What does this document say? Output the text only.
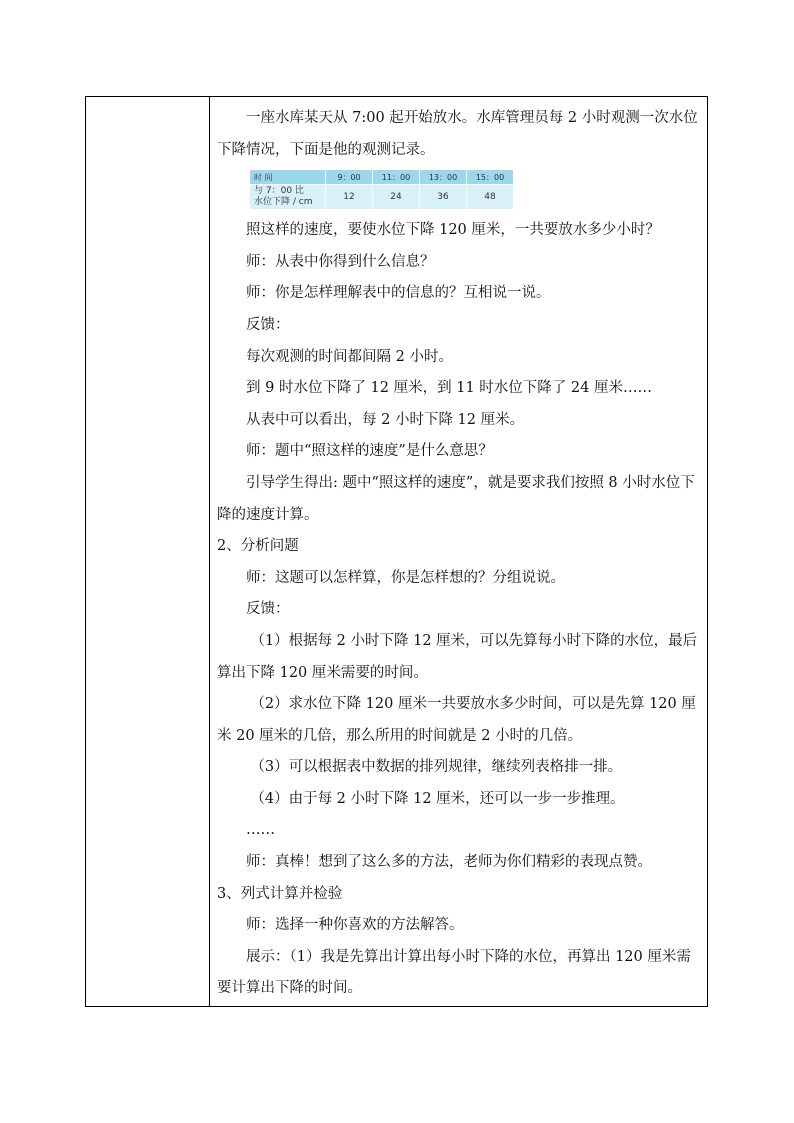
一座水库某天从 7:00 起开始放水。水库管理员每 2 小时观测一次水位下降情况，下面是他的观测记录。

时 间	9：00	11：00	13：00	15：00

与 7：00 比
水位下降 / cm	12	24	36	48

照这样的速度，要使水位下降 120 厘米，一共要放水多少小时？

师：从表中你得到什么信息？

师：你是怎样理解表中的信息的？互相说一说。

反馈：

每次观测的时间都间隔 2 小时。

到 9 时水位下降了 12 厘米，到 11 时水位下降了 24 厘米……

从表中可以看出，每 2 小时下降 12 厘米。

师：题中“照这样的速度”是什么意思？

引导学生得出: 题中“照这样的速度”，就是要求我们按照 8 小时水位下降的速度计算。

2、分析问题

师：这题可以怎样算，你是怎样想的？分组说说。

反馈：

（1）根据每 2 小时下降 12 厘米，可以先算每小时下降的水位，最后算出下降 120 厘米需要的时间。

（2）求水位下降 120 厘米一共要放水多少时间，可以是先算 120 厘米 20 厘米的几倍，那么所用的时间就是 2 小时的几倍。

（3）可以根据表中数据的排列规律，继续列表格排一排。

（4）由于每 2 小时下降 12 厘米，还可以一步一步推理。

……

师：真棒！想到了这么多的方法，老师为你们精彩的表现点赞。

3、列式计算并检验

师：选择一种你喜欢的方法解答。

展示：（1）我是先算出计算出每小时下降的水位，再算出 120 厘米需要计算出下降的时间。
